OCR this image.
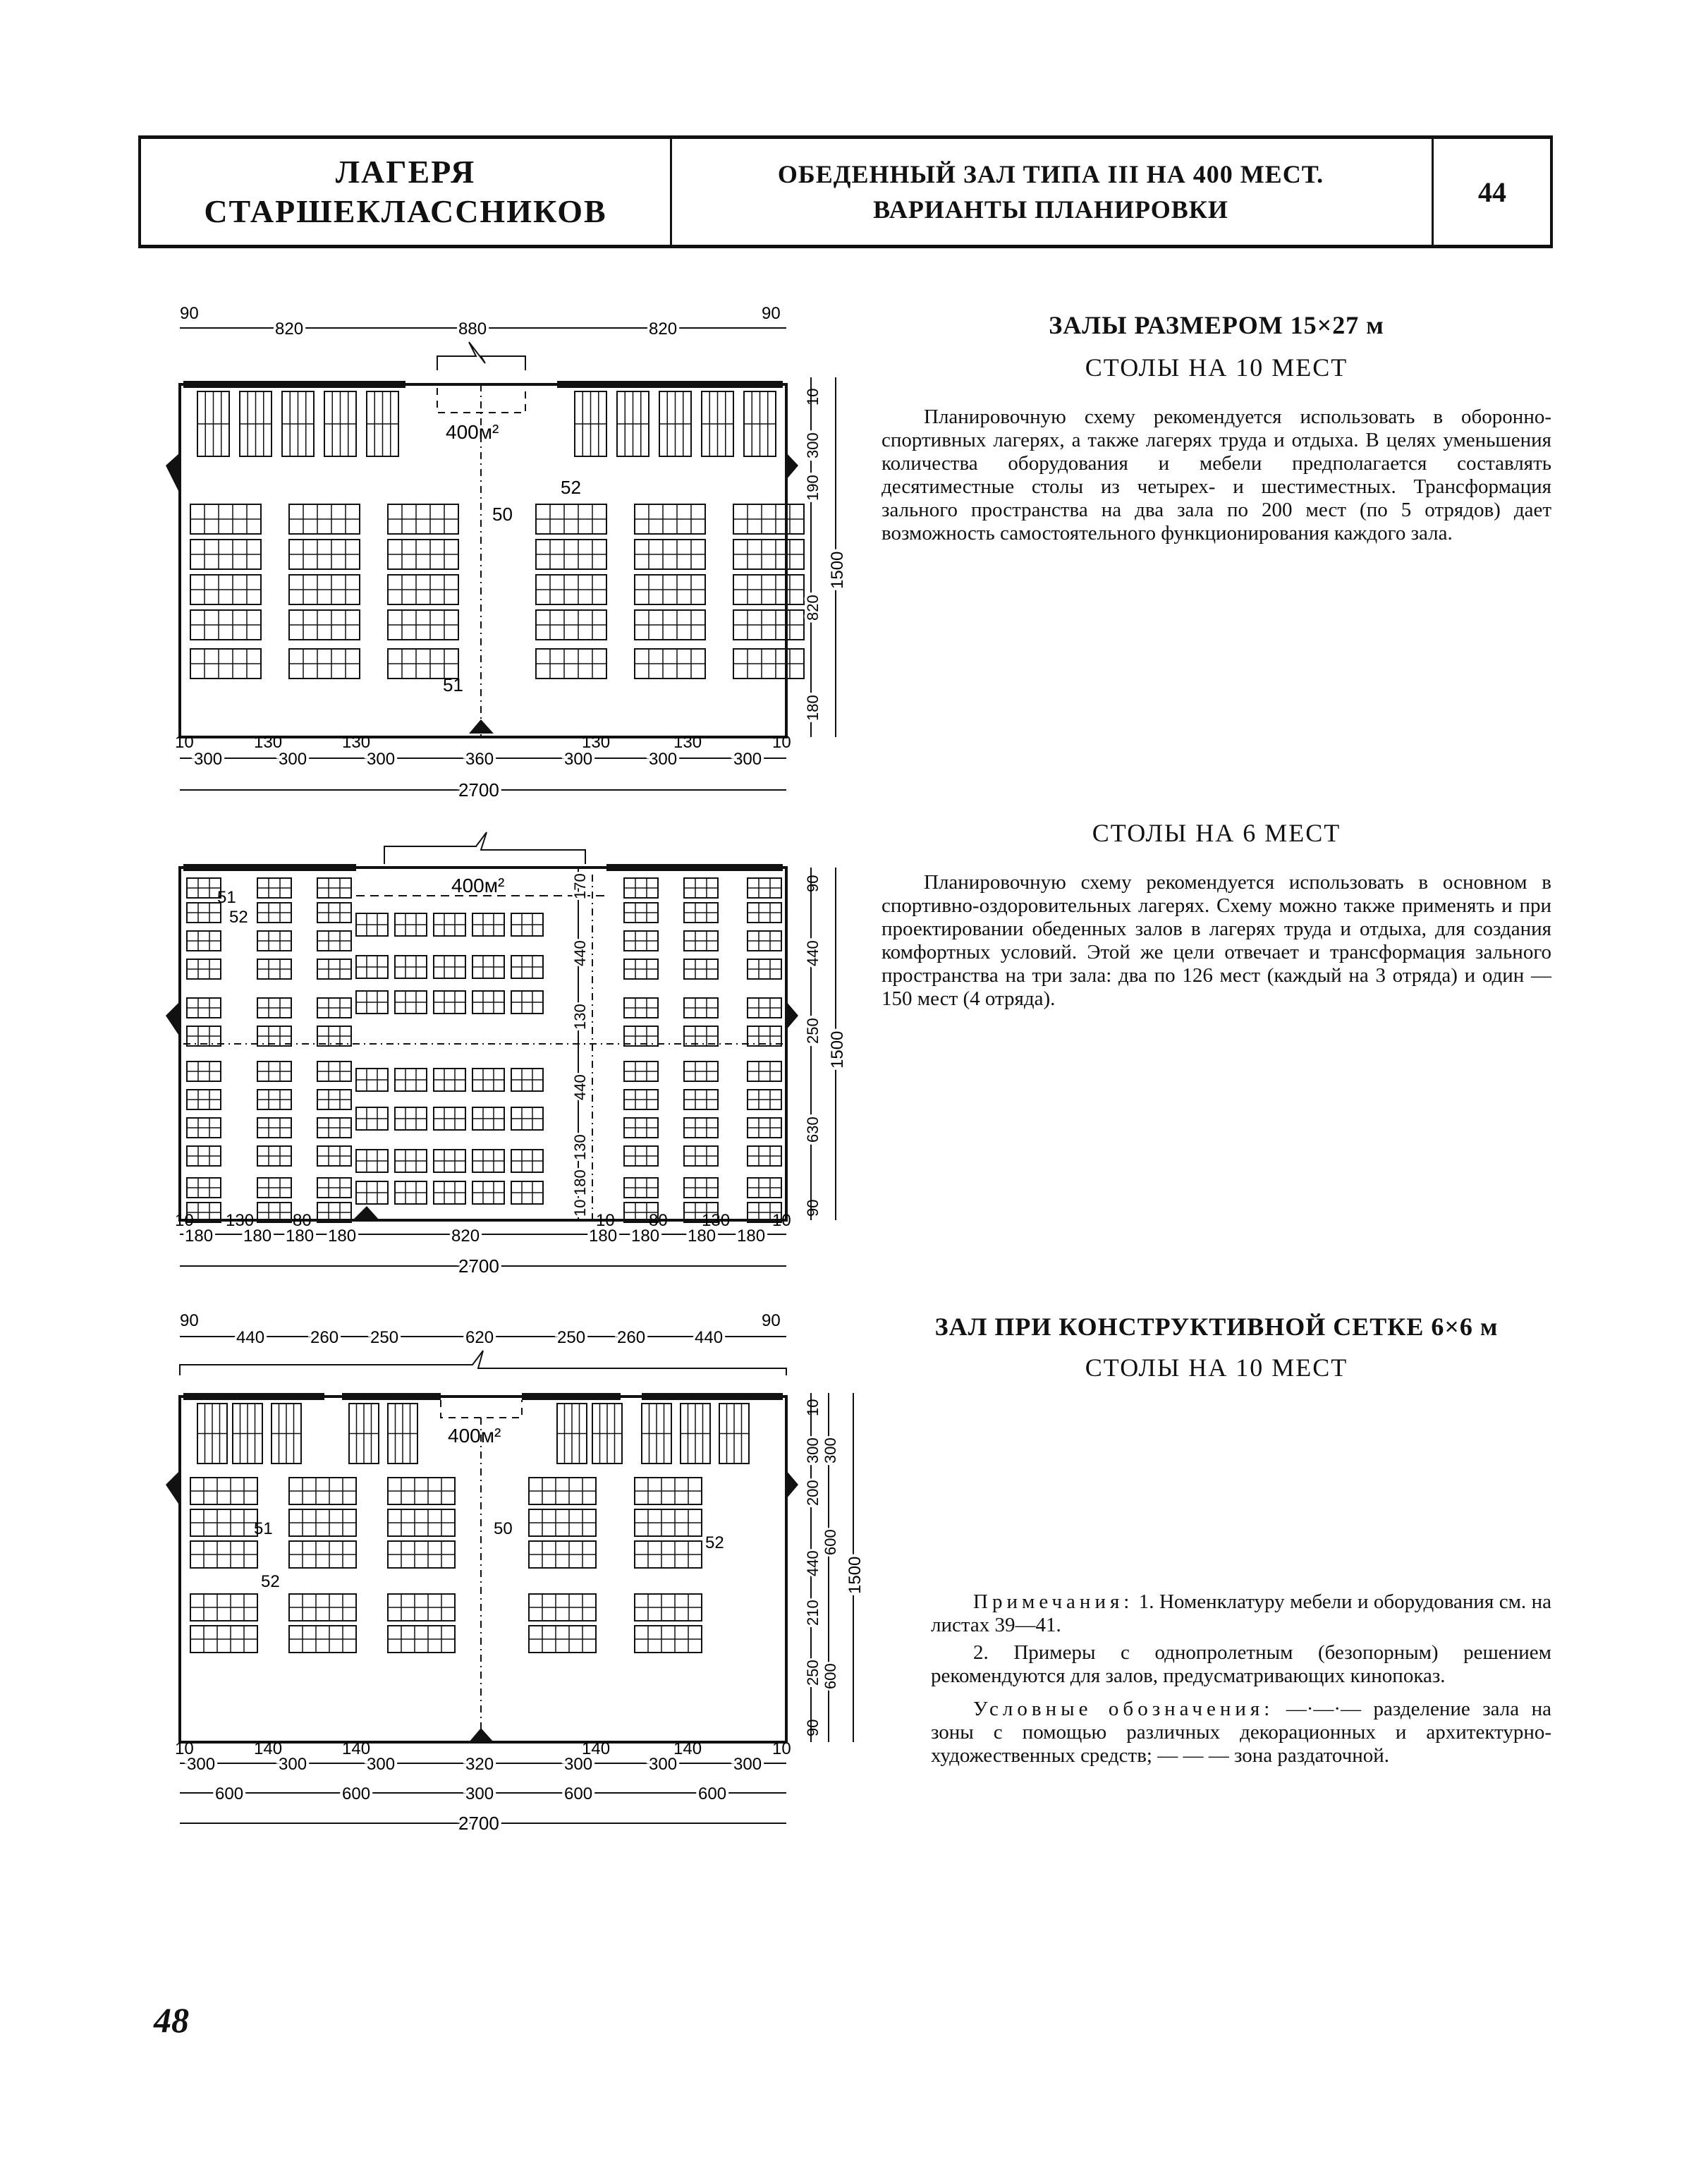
ЛАГЕРЯ
СТАРШЕКЛАССНИКОВ
ОБЕДЕННЫЙ ЗАЛ ТИПА III НА 400 МЕСТ.
ВАРИАНТЫ ПЛАНИРОВКИ
44
ЗАЛЫ РАЗМЕРОМ 15×27 м
СТОЛЫ НА 10 МЕСТ

Планировочную схему рекомендуется использовать в оборонно-спортивных лагерях, а также лагерях труда и отдыха. В целях уменьшения количества оборудования и мебели предполагается составлять десятиместные столы из четырех- и шестиместных. Трансформация зального пространства на два зала по 200 мест (по 5 отрядов) дает возможность самостоятельного функционирования каждого зала.

СТОЛЫ НА 6 МЕСТ

Планировочную схему рекомендуется использовать в основном в спортивно-оздоровительных лагерях. Схему можно также применять и при проектировании обеденных залов в лагерях труда и отдыха, для создания комфортных условий. Этой же цели отвечает и трансформация зального пространства на три зала: два по 126 мест (каждый на 3 отряда) и один — 150 мест (4 отряда).

ЗАЛ ПРИ КОНСТРУКТИВНОЙ СЕТКЕ 6×6 м
СТОЛЫ НА 10 МЕСТ

Примечания: 1. Номенклатуру мебели и оборудования см. на листах 39—41.

2. Примеры с однопролетным (безопорным) решением рекомендуются для залов, предусматривающих кинопоказ.

Условные обозначения: —·—·— разделение зала на зоны с помощью различных декорационных и архитектурно-художественных средств; — — — зона раздаточной.

400м²
90
820	880	820
90
10	130	130	130	130	10
300	300	300	360	300	300	300
2700
10
300
190
820
180
1500
52
50
51
400м²
10 130 80	10 80 130 10
180 180 180 180	820	180 180 180 180
2700
90
440
250
630
90
1500
170
440
130
440
130
180
10
51
52
400м²
90
440	260 250	620	250 260	440
90
10	140	140	140	140	10
300	300	300	320	300	300	300
600	600	300	600	600
2700
10
300
200
440
210
250
90
300
600
600
1500
51
52
50
52
48
